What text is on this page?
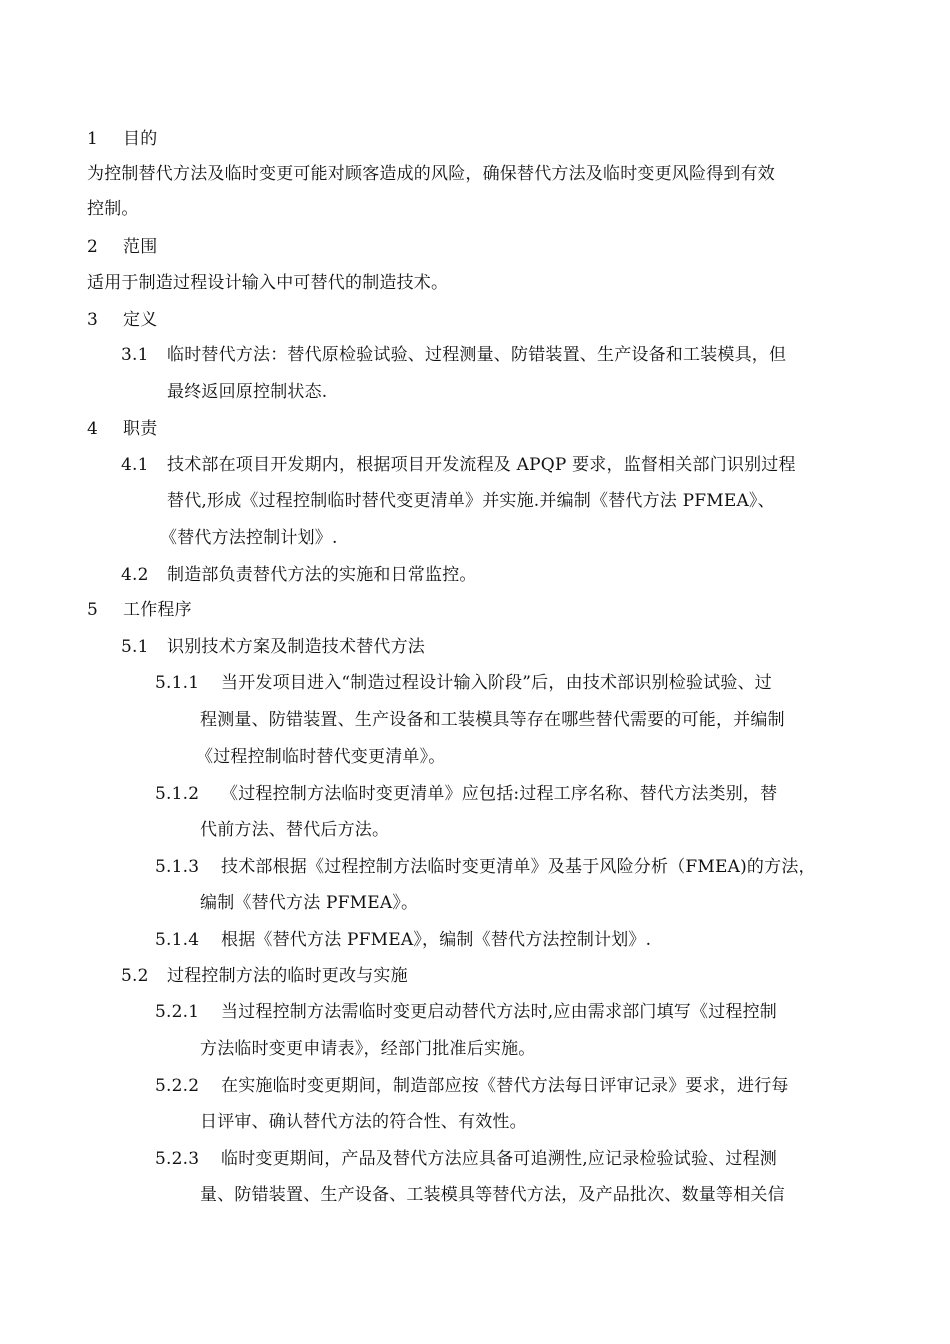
1 目的
为控制替代方法及临时变更可能对顾客造成的风险，确保替代方法及临时变更风险得到有效
控制。
2 范围
适用于制造过程设计输入中可替代的制造技术。
3 定义
3.1 临时替代方法：替代原检验试验、过程测量、防错装置、生产设备和工装模具，但
最终返回原控制状态.
4 职责
4.1 技术部在项目开发期内，根据项目开发流程及 APQP 要求，监督相关部门识别过程
替代,形成《过程控制临时替代变更清单》并实施.并编制《替代方法 PFMEA》、
《替代方法控制计划》.
4.2 制造部负责替代方法的实施和日常监控。
5 工作程序
5.1 识别技术方案及制造技术替代方法
5.1.1 当开发项目进入“制造过程设计输入阶段”后，由技术部识别检验试验、过
程测量、防错装置、生产设备和工装模具等存在哪些替代需要的可能，并编制
《过程控制临时替代变更清单》。
5.1.2 《过程控制方法临时变更清单》应包括:过程工序名称、替代方法类别，替
代前方法、替代后方法。
5.1.3 技术部根据《过程控制方法临时变更清单》及基于风险分析（FMEA)的方法，
编制《替代方法 PFMEA》。
5.1.4 根据《替代方法 PFMEA》，编制《替代方法控制计划》.
5.2 过程控制方法的临时更改与实施
5.2.1 当过程控制方法需临时变更启动替代方法时,应由需求部门填写《过程控制
方法临时变更申请表》，经部门批准后实施。
5.2.2 在实施临时变更期间，制造部应按《替代方法每日评审记录》要求，进行每
日评审、确认替代方法的符合性、有效性。
5.2.3 临时变更期间，产品及替代方法应具备可追溯性,应记录检验试验、过程测
量、防错装置、生产设备、工装模具等替代方法，及产品批次、数量等相关信
